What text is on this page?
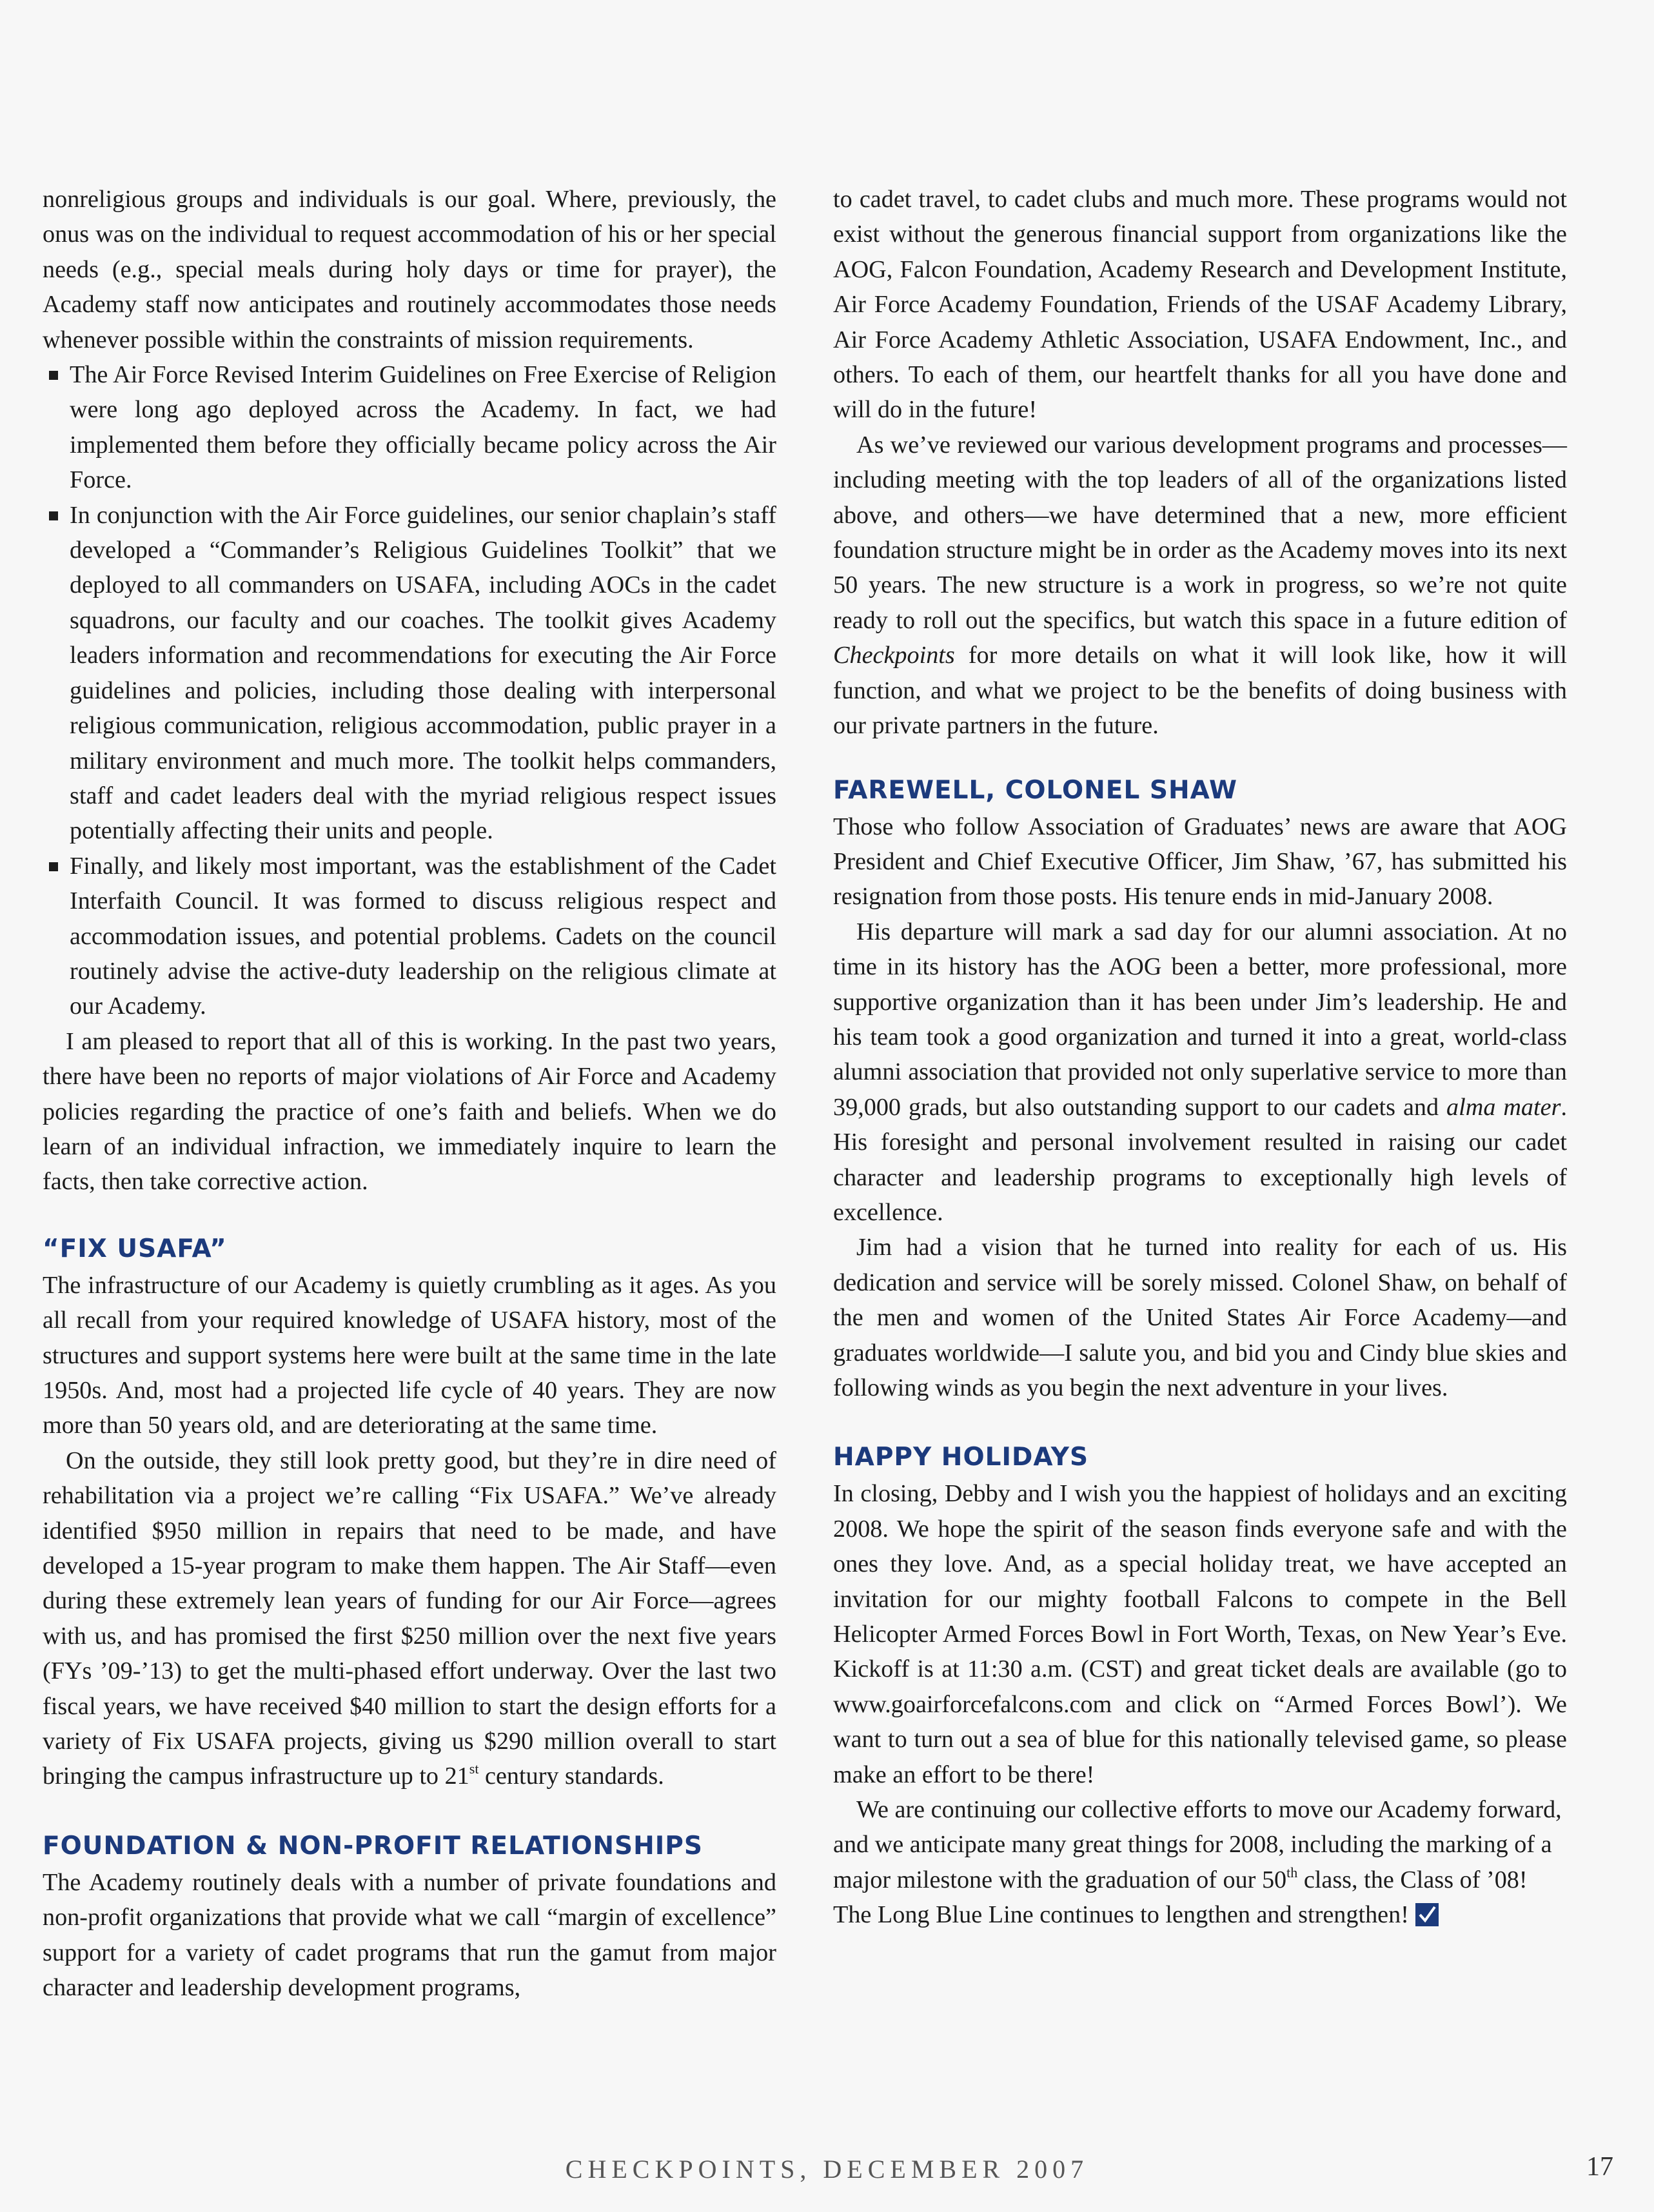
nonreligious groups and individuals is our goal. Where, previously, the onus was on the individual to request accommodation of his or her special needs (e.g., special meals during holy days or time for prayer), the Academy staff now anticipates and routinely accommodates those needs whenever possible within the constraints of mission requirements.

The Air Force Revised Interim Guidelines on Free Exercise of Religion were long ago deployed across the Academy. In fact, we had implemented them before they officially became policy across the Air Force.
In conjunction with the Air Force guidelines, our senior chaplain’s staff developed a “Commander’s Religious Guidelines Toolkit” that we deployed to all commanders on USAFA, including AOCs in the cadet squadrons, our faculty and our coaches. The toolkit gives Academy leaders information and recommendations for executing the Air Force guidelines and policies, including those dealing with interpersonal religious communication, religious accommodation, public prayer in a military environment and much more. The toolkit helps commanders, staff and cadet leaders deal with the myriad religious respect issues potentially affecting their units and people.
Finally, and likely most important, was the establishment of the Cadet Interfaith Council. It was formed to discuss religious respect and accommodation issues, and potential problems. Cadets on the council routinely advise the active-duty leadership on the religious climate at our Academy.

I am pleased to report that all of this is working. In the past two years, there have been no reports of major violations of Air Force and Academy policies regarding the practice of one’s faith and beliefs. When we do learn of an individual infraction, we immediately inquire to learn the facts, then take corrective action.

“FIX USAFA”

The infrastructure of our Academy is quietly crumbling as it ages. As you all recall from your required knowledge of USAFA history, most of the structures and support systems here were built at the same time in the late 1950s. And, most had a projected life cycle of 40 years. They are now more than 50 years old, and are deteriorating at the same time.

On the outside, they still look pretty good, but they’re in dire need of rehabilitation via a project we’re calling “Fix USAFA.” We’ve already identified $950 million in repairs that need to be made, and have developed a 15-year program to make them happen. The Air Staff—even during these extremely lean years of funding for our Air Force—agrees with us, and has promised the first $250 million over the next five years (FYs ’09-’13) to get the multi-phased effort underway. Over the last two fiscal years, we have received $40 million to start the design efforts for a variety of Fix USAFA projects, giving us $290 million overall to start bringing the campus infrastructure up to 21st century standards.

FOUNDATION & NON-PROFIT RELATIONSHIPS

The Academy routinely deals with a number of private foundations and non-profit organizations that provide what we call “margin of excellence” support for a variety of cadet programs that run the gamut from major character and leadership development programs,

to cadet travel, to cadet clubs and much more. These programs would not exist without the generous financial support from organizations like the AOG, Falcon Foundation, Academy Research and Development Institute, Air Force Academy Foundation, Friends of the USAF Academy Library, Air Force Academy Athletic Association, USAFA Endowment, Inc., and others. To each of them, our heartfelt thanks for all you have done and will do in the future!

As we’ve reviewed our various development programs and processes—including meeting with the top leaders of all of the organizations listed above, and others—we have determined that a new, more efficient foundation structure might be in order as the Academy moves into its next 50 years. The new structure is a work in progress, so we’re not quite ready to roll out the specifics, but watch this space in a future edition of Checkpoints for more details on what it will look like, how it will function, and what we project to be the benefits of doing business with our private partners in the future.

FAREWELL, COLONEL SHAW

Those who follow Association of Graduates’ news are aware that AOG President and Chief Executive Officer, Jim Shaw, ’67, has submitted his resignation from those posts. His tenure ends in mid-January 2008.

His departure will mark a sad day for our alumni association. At no time in its history has the AOG been a better, more professional, more supportive organization than it has been under Jim’s leadership. He and his team took a good organization and turned it into a great, world-class alumni association that provided not only superlative service to more than 39,000 grads, but also outstanding support to our cadets and alma mater. His foresight and personal involvement resulted in raising our cadet character and leadership programs to exceptionally high levels of excellence.

Jim had a vision that he turned into reality for each of us. His dedication and service will be sorely missed. Colonel Shaw, on behalf of the men and women of the United States Air Force Academy—and graduates worldwide—I salute you, and bid you and Cindy blue skies and following winds as you begin the next adventure in your lives.

HAPPY HOLIDAYS

In closing, Debby and I wish you the happiest of holidays and an exciting 2008. We hope the spirit of the season finds everyone safe and with the ones they love. And, as a special holiday treat, we have accepted an invitation for our mighty football Falcons to compete in the Bell Helicopter Armed Forces Bowl in Fort Worth, Texas, on New Year’s Eve. Kickoff is at 11:30 a.m. (CST) and great ticket deals are available (go to www.goairforcefalcons.com and click on “Armed Forces Bowl’). We want to turn out a sea of blue for this nationally televised game, so please make an effort to be there!

We are continuing our collective efforts to move our Academy forward, and we anticipate many great things for 2008, including the marking of a major milestone with the graduation of our 50th class, the Class of ’08! The Long Blue Line continues to lengthen and strengthen!

CHECKPOINTS, DECEMBER 2007	17
